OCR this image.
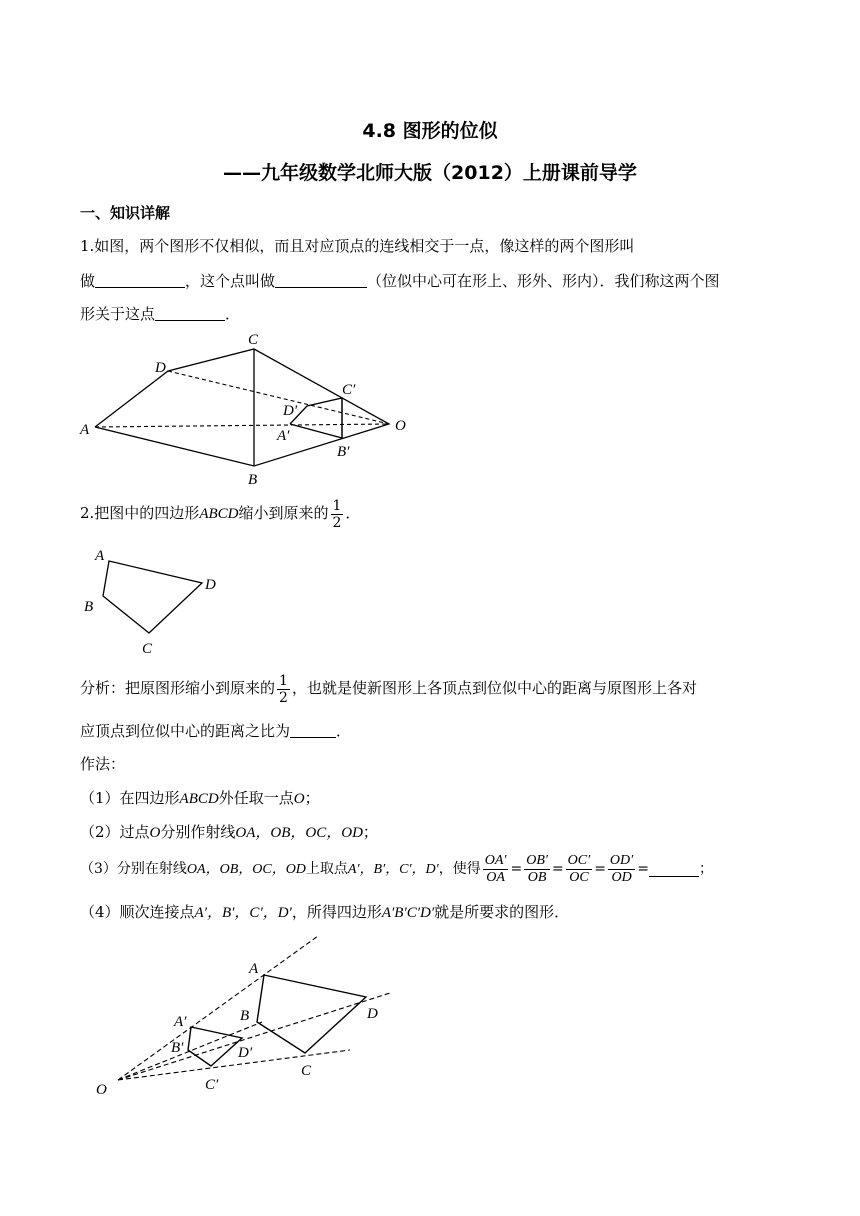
4.8 图形的位似
——九年级数学北师大版（2012）上册课前导学
一、知识详解
1.如图，两个图形不仅相似，而且对应顶点的连线相交于一点，像这样的两个图形叫
做	，这个点叫做	（位似中心可在形上、形外、形内）．我们称这两个图
形关于这点	．
A
D
C
B
O
C′
D′
A′
B′
2.把图中的四边形ABCD缩小到原来的 $\frac{1}{2}$ ．
A
D
B
C
分析：把原图形缩小到原来的 $\frac{1}{2}$ ，也就是使新图形上各顶点到位似中心的距离与原图形上各对
应顶点到位似中心的距离之比为	．
作法：
（1）在四边形ABCD外任取一点O；
（2）过点O分别作射线OA，OB，OC，OD；
（3）分别在射线OA，OB，OC，OD上取点A′，B′，C′，D′，使得 $\frac{OA'}{OA} = \frac{OB'}{OB} = \frac{OC'}{OC} = \frac{OD'}{OD}$ =	；
（4）顺次连接点A′，B′，C′，D′，所得四边形A′B′C′D′就是所要求的图形．
A
B	D
C
A′
B′	D′
C′
O
